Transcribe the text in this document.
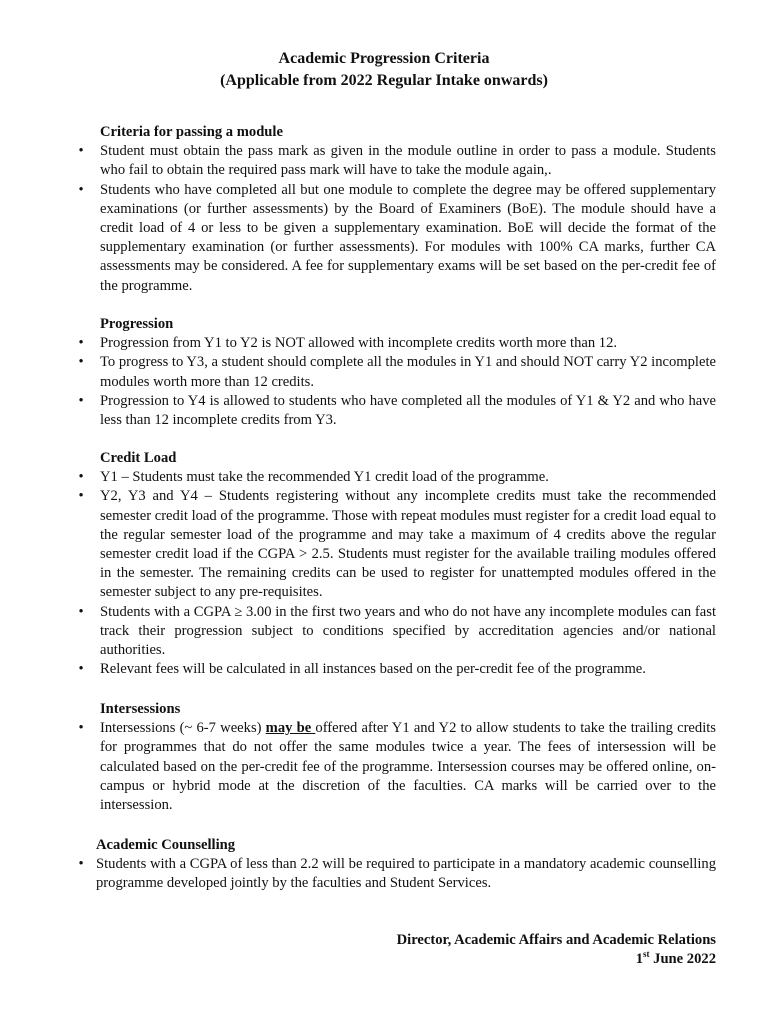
Academic Progression Criteria

(Applicable from 2022 Regular Intake onwards)

Criteria for passing a module

• Student must obtain the pass mark as given in the module outline in order to pass a module. Students who fail to obtain the required pass mark will have to take the module again,.
• Students who have completed all but one module to complete the degree may be offered supplementary examinations (or further assessments) by the Board of Examiners (BoE). The module should have a credit load of 4 or less to be given a supplementary examination. BoE will decide the format of the supplementary examination (or further assessments). For modules with 100% CA marks, further CA assessments may be considered. A fee for supplementary exams will be set based on the per-credit fee of the programme.

Progression

• Progression from Y1 to Y2 is NOT allowed with incomplete credits worth more than 12.
• To progress to Y3, a student should complete all the modules in Y1 and should NOT carry Y2 incomplete modules worth more than 12 credits.
• Progression to Y4 is allowed to students who have completed all the modules of Y1 & Y2 and who have less than 12 incomplete credits from Y3.

Credit Load

• Y1 – Students must take the recommended Y1 credit load of the programme.
• Y2, Y3 and Y4 – Students registering without any incomplete credits must take the recommended semester credit load of the programme. Those with repeat modules must register for a credit load equal to the regular semester load of the programme and may take a maximum of 4 credits above the regular semester credit load if the CGPA > 2.5. Students must register for the available trailing modules offered in the semester. The remaining credits can be used to register for unattempted modules offered in the semester subject to any pre-requisites.
• Students with a CGPA ≥ 3.00 in the first two years and who do not have any incomplete modules can fast track their progression subject to conditions specified by accreditation agencies and/or national authorities.
• Relevant fees will be calculated in all instances based on the per-credit fee of the programme.

Intersessions

• Intersessions (~ 6-7 weeks) may be offered after Y1 and Y2 to allow students to take the trailing credits for programmes that do not offer the same modules twice a year. The fees of intersession will be calculated based on the per-credit fee of the programme. Intersession courses may be offered online, on-campus or hybrid mode at the discretion of the faculties. CA marks will be carried over to the intersession.

Academic Counselling

• Students with a CGPA of less than 2.2 will be required to participate in a mandatory academic counselling programme developed jointly by the faculties and Student Services.
Director, Academic Affairs and Academic Relations
1st June 2022
